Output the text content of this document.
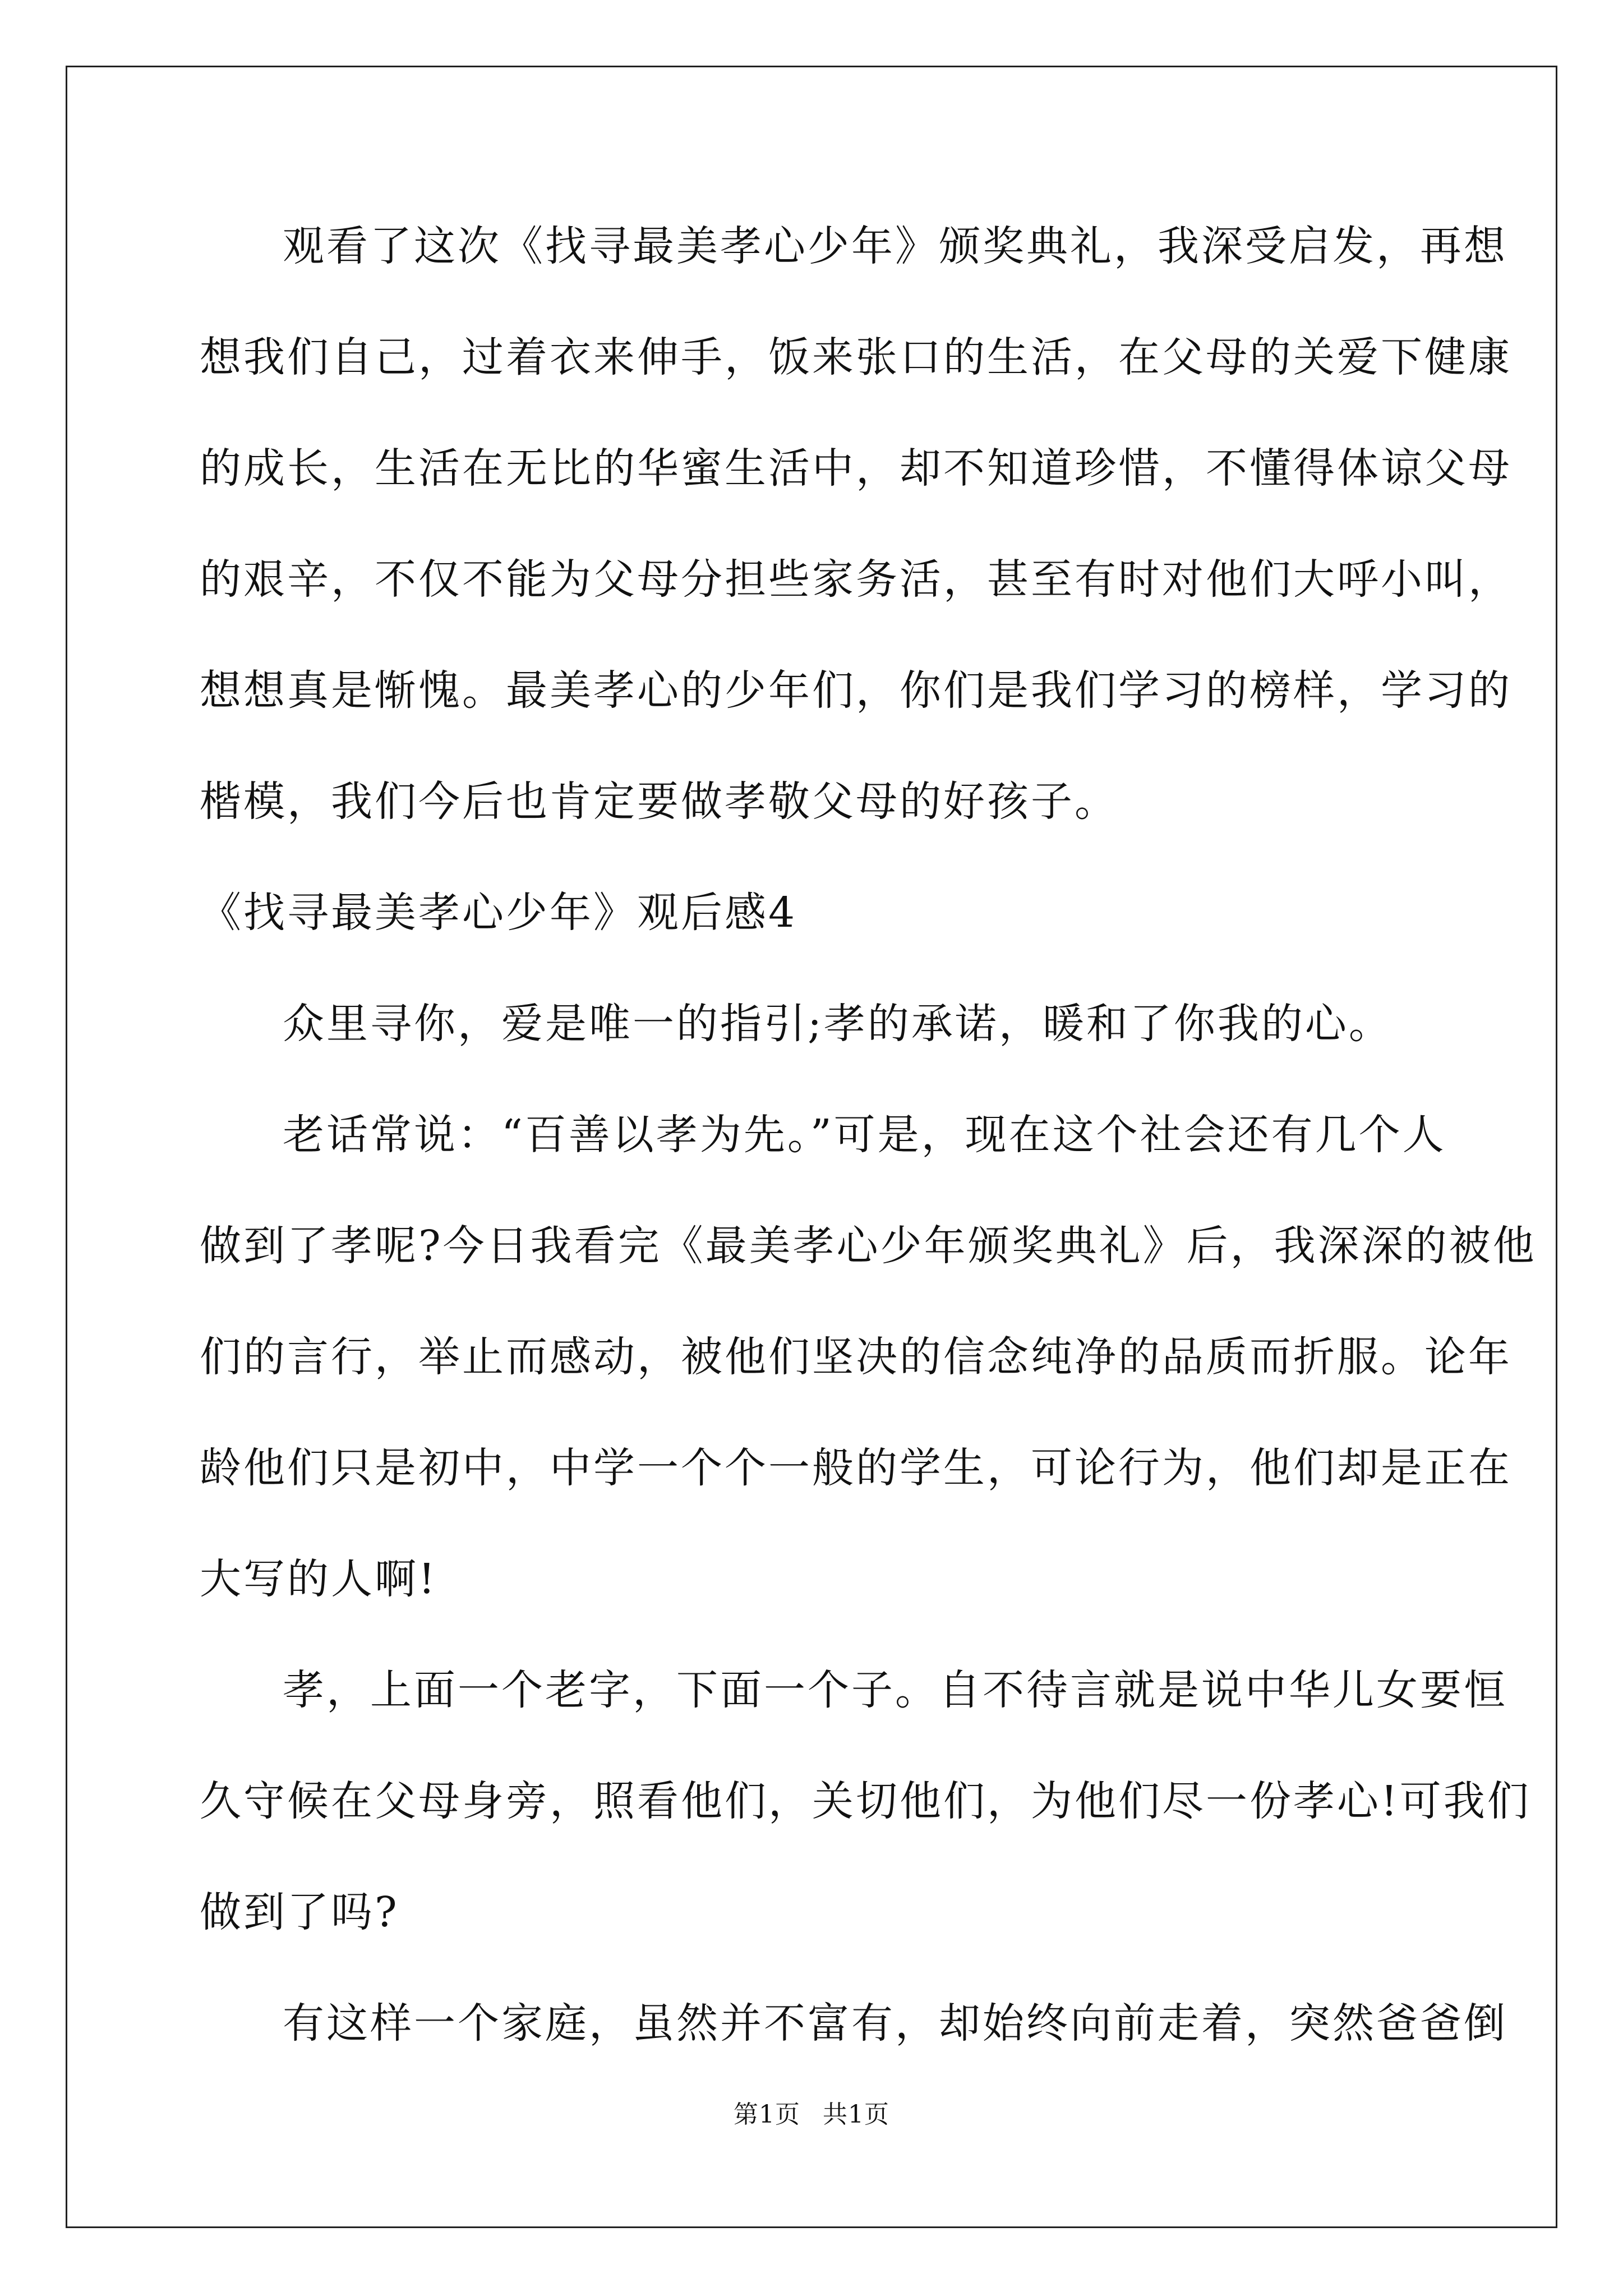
观看了这次《找寻最美孝心少年》颁奖典礼，我深受启发，再想
想我们自己，过着衣来伸手，饭来张口的生活，在父母的关爱下健康
的成长，生活在无比的华蜜生活中，却不知道珍惜，不懂得体谅父母
的艰辛，不仅不能为父母分担些家务活，甚至有时对他们大呼小叫，
想想真是惭愧。最美孝心的少年们，你们是我们学习的榜样，学习的
楷模，我们今后也肯定要做孝敬父母的好孩子。
《找寻最美孝心少年》观后感4
众里寻你，爱是唯一的指引;孝的承诺，暖和了你我的心。
老话常说：“百善以孝为先。”可是，现在这个社会还有几个人
做到了孝呢?今日我看完《最美孝心少年颁奖典礼》后，我深深的被他
们的言行，举止而感动，被他们坚决的信念纯净的品质而折服。论年
龄他们只是初中，中学一个个一般的学生，可论行为，他们却是正在
大写的人啊!
孝，上面一个老字，下面一个子。自不待言就是说中华儿女要恒
久守候在父母身旁，照看他们，关切他们，为他们尽一份孝心!可我们
做到了吗?
有这样一个家庭，虽然并不富有，却始终向前走着，突然爸爸倒
第1页 共1页
